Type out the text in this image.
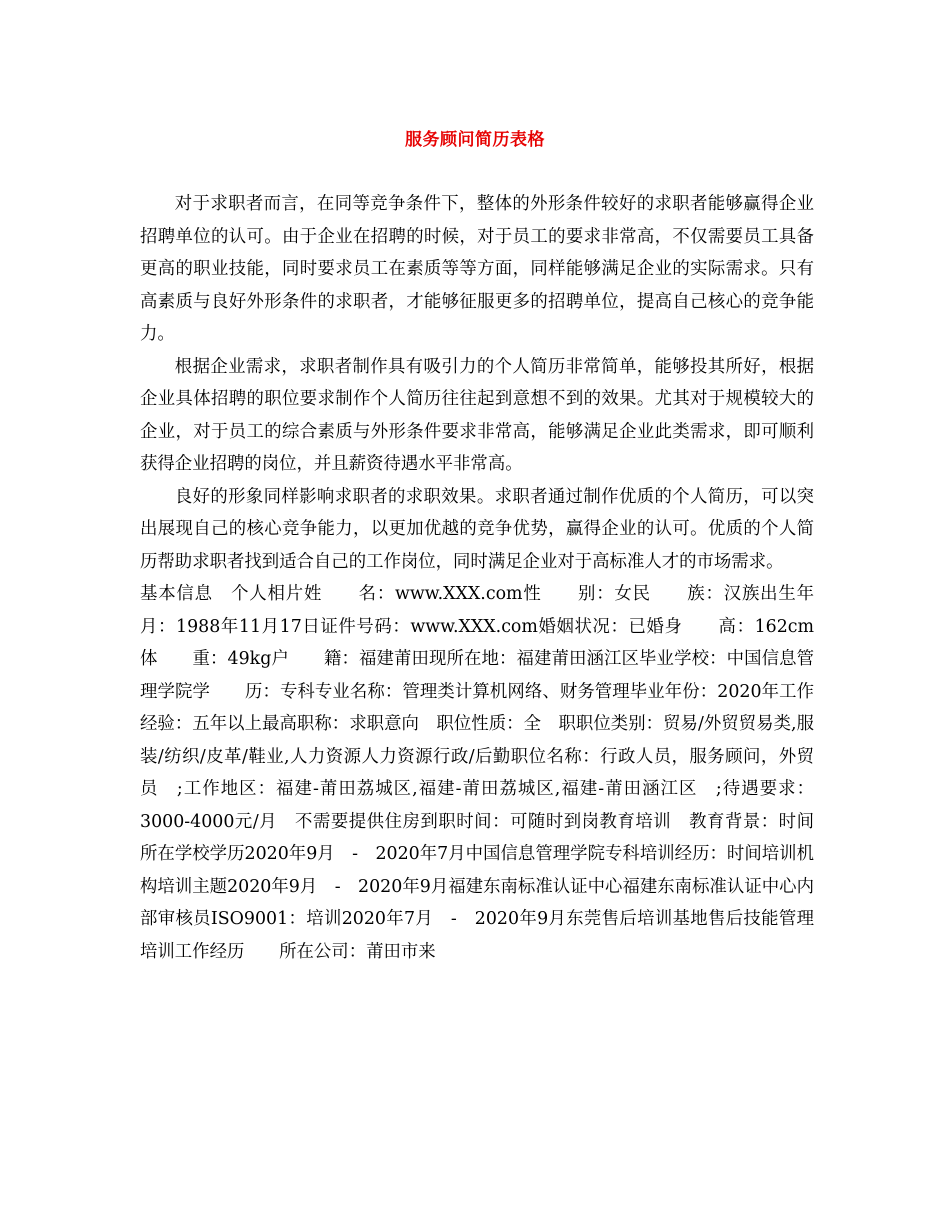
服务顾问简历表格

对于求职者而言，在同等竞争条件下，整体的外形条件较好的求职者能够赢得企业招聘单位的认可。由于企业在招聘的时候，对于员工的要求非常高，不仅需要员工具备更高的职业技能，同时要求员工在素质等等方面，同样能够满足企业的实际需求。只有高素质与良好外形条件的求职者，才能够征服更多的招聘单位，提高自己核心的竞争能力。

根据企业需求，求职者制作具有吸引力的个人简历非常简单，能够投其所好，根据企业具体招聘的职位要求制作个人简历往往起到意想不到的效果。尤其对于规模较大的企业，对于员工的综合素质与外形条件要求非常高，能够满足企业此类需求，即可顺利获得企业招聘的岗位，并且薪资待遇水平非常高。

良好的形象同样影响求职者的求职效果。求职者通过制作优质的个人简历，可以突出展现自己的核心竞争能力，以更加优越的竞争优势，赢得企业的认可。优质的个人简历帮助求职者找到适合自己的工作岗位，同时满足企业对于高标准人才的市场需求。

基本信息　个人相片姓　　名：www.XXX.com性　　别：女民　　族：汉族出生年月：1988年11月17日证件号码：www.XXX.com婚姻状况：已婚身　　高：162cm体　　重：49kg户　　籍：福建莆田现所在地：福建莆田涵江区毕业学校：中国信息管理学院学　　历：专科专业名称：管理类计算机网络、财务管理毕业年份：2020年工作经验：五年以上最高职称：求职意向　职位性质：全　职职位类别：贸易/外贸贸易类,服装/纺织/皮革/鞋业,人力资源人力资源行政/后勤职位名称：行政人员，服务顾问，外贸员　;工作地区：福建-莆田荔城区,福建-莆田荔城区,福建-莆田涵江区　;待遇要求：3000-4000元/月　不需要提供住房到职时间：可随时到岗教育培训　教育背景：时间所在学校学历2020年9月　-　2020年7月中国信息管理学院专科培训经历：时间培训机构培训主题2020年9月　-　2020年9月福建东南标准认证中心福建东南标准认证中心内部审核员ISO9001：培训2020年7月　-　2020年9月东莞售后培训基地售后技能管理培训工作经历　　所在公司：莆田市来
